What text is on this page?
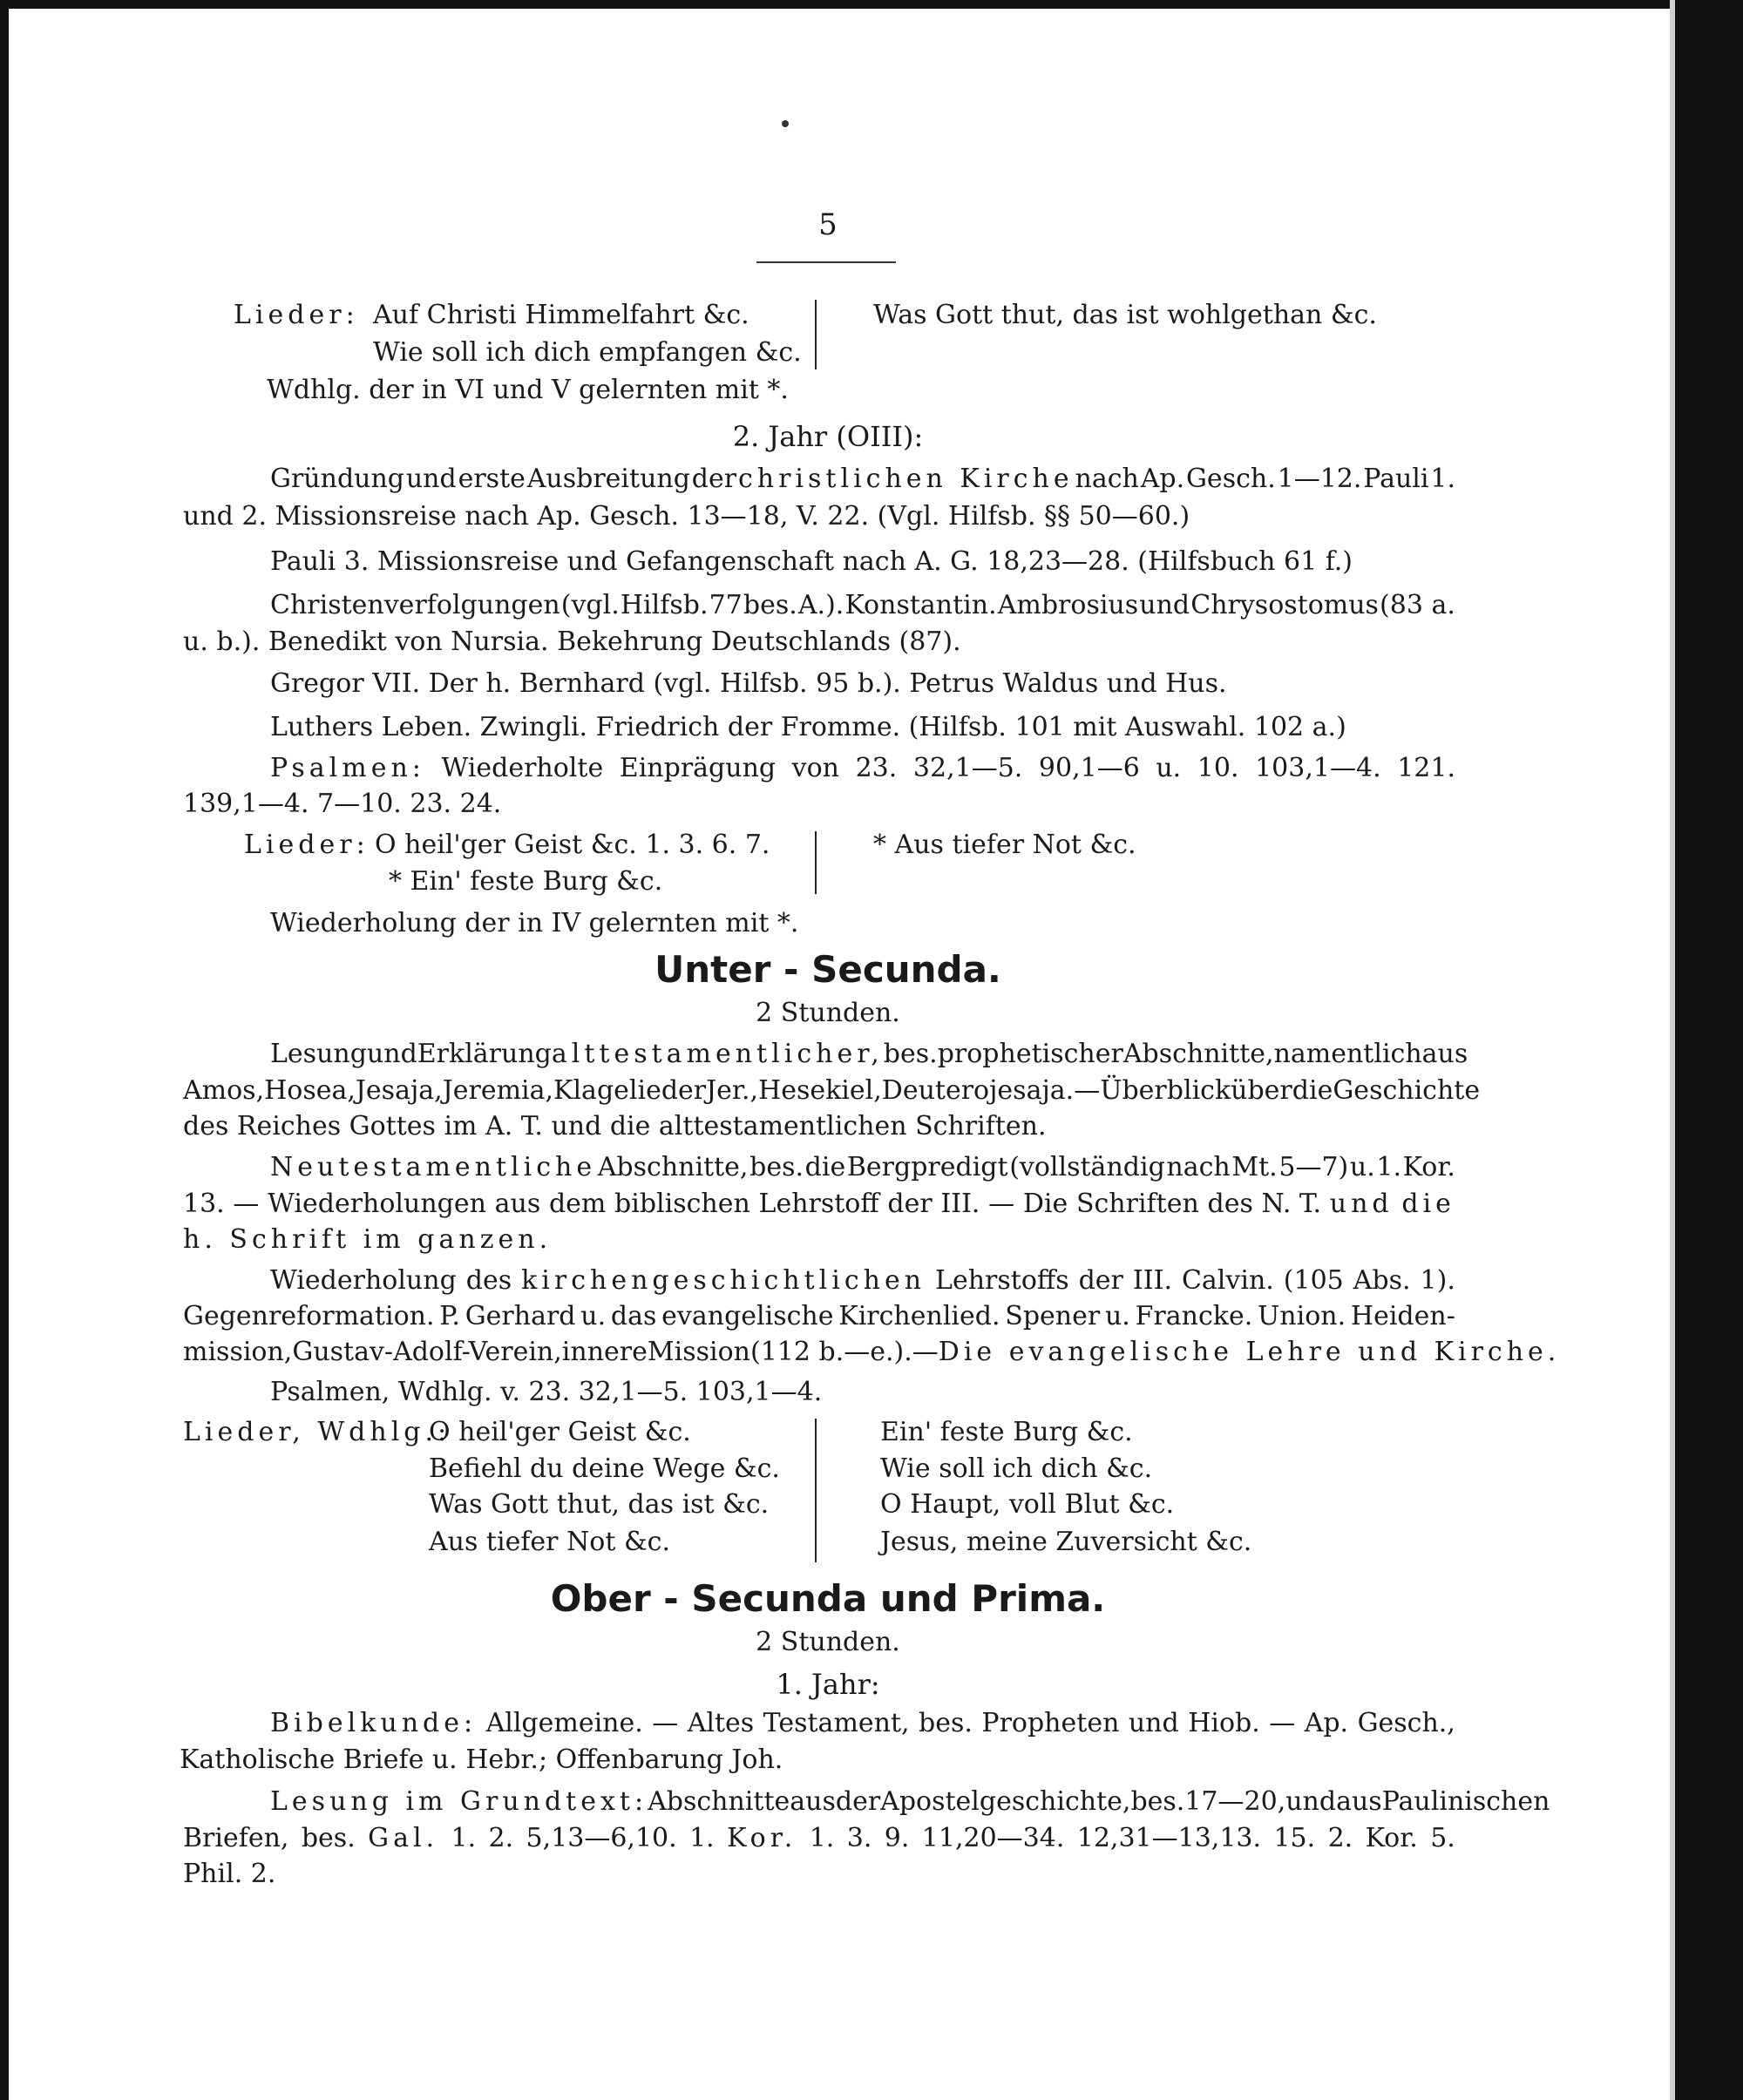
5
Lieder: Auf Christi Himmelfahrt &c.
Wie soll ich dich empfangen &c.
Was Gott thut, das ist wohlgethan &c.
Wdhlg. der in VI und V gelernten mit *.
2. Jahr (OIII):
Gründung und erste Ausbreitung der christlichen Kirche nach Ap. Gesch. 1—12. Pauli 1.
und 2. Missionsreise nach Ap. Gesch. 13—18, V. 22. (Vgl. Hilfsb. §§ 50—60.)
Pauli 3. Missionsreise und Gefangenschaft nach A. G. 18,23—28. (Hilfsbuch 61 f.)
Christenverfolgungen (vgl. Hilfsb. 77 bes. A.). Konstantin. Ambrosius und Chrysostomus (83 a.
u. b.). Benedikt von Nursia. Bekehrung Deutschlands (87).
Gregor VII. Der h. Bernhard (vgl. Hilfsb. 95 b.). Petrus Waldus und Hus.
Luthers Leben. Zwingli. Friedrich der Fromme. (Hilfsb. 101 mit Auswahl. 102 a.)
Psalmen: Wiederholte Einprägung von 23. 32,1—5. 90,1—6 u. 10. 103,1—4. 121.
139,1—4. 7—10. 23. 24.
Lieder: O heil'ger Geist &c. 1. 3. 6. 7.
* Ein' feste Burg &c.
* Aus tiefer Not &c.
Wiederholung der in IV gelernten mit *.
Unter - Secunda.
2 Stunden.
Lesung und Erklärung alttestamentlicher, bes. prophetischer Abschnitte, namentlich aus
Amos, Hosea, Jesaja, Jeremia, Klagelieder Jer., Hesekiel, Deuterojesaja. — Überblick über die Geschichte
des Reiches Gottes im A. T. und die alttestamentlichen Schriften.
Neutestamentliche Abschnitte, bes. die Bergpredigt (vollständig nach Mt. 5—7) u. 1. Kor.
13. — Wiederholungen aus dem biblischen Lehrstoff der III. — Die Schriften des N. T. und die
h. Schrift im ganzen.
Wiederholung des kirchengeschichtlichen Lehrstoffs der III. Calvin. (105 Abs. 1).
Gegenreformation. P. Gerhard u. das evangelische Kirchenlied. Spener u. Francke. Union. Heiden-
mission, Gustav-Adolf-Verein, innere Mission (112 b.—e.). — Die evangelische Lehre und Kirche.
Psalmen, Wdhlg. v. 23. 32,1—5. 103,1—4.
Lieder, Wdhlg.:
O heil'ger Geist &c.
Befiehl du deine Wege &c.
Was Gott thut, das ist &c.
Aus tiefer Not &c.
Ein' feste Burg &c.
Wie soll ich dich &c.
O Haupt, voll Blut &c.
Jesus, meine Zuversicht &c.
Ober - Secunda und Prima.
2 Stunden.
1. Jahr:
Bibelkunde: Allgemeine. — Altes Testament, bes. Propheten und Hiob. — Ap. Gesch.,
Katholische Briefe u. Hebr.; Offenbarung Joh.
Lesung im Grundtext: Abschnitte aus der Apostelgeschichte, bes. 17—20, und aus Paulinischen
Briefen, bes. Gal. 1. 2. 5,13—6,10. 1. Kor. 1. 3. 9. 11,20—34. 12,31—13,13. 15. 2. Kor. 5.
Phil. 2.
